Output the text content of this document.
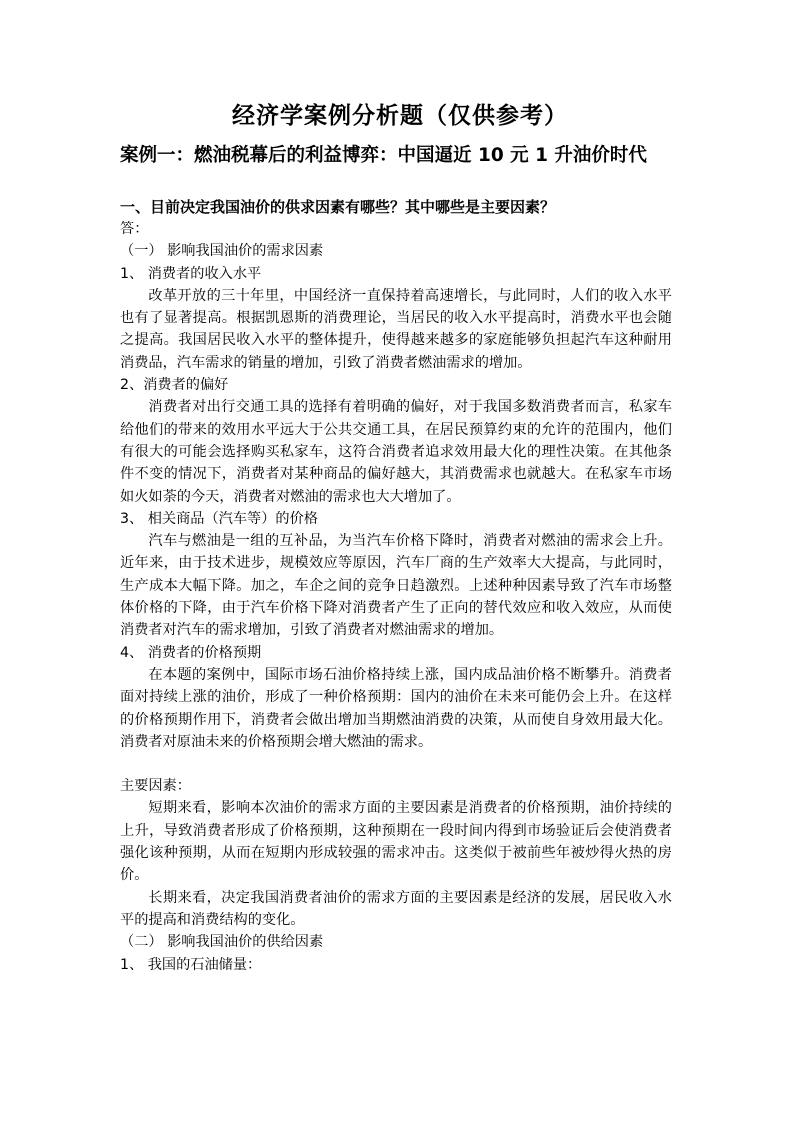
经济学案例分析题（仅供参考）
案例一：燃油税幕后的利益博弈：中国逼近 10 元 1 升油价时代
一、目前决定我国油价的供求因素有哪些？其中哪些是主要因素？

答：

（一） 影响我国油价的需求因素

1、 消费者的收入水平

改革开放的三十年里，中国经济一直保持着高速增长，与此同时，人们的收入水平也有了显著提高。根据凯恩斯的消费理论，当居民的收入水平提高时，消费水平也会随之提高。我国居民收入水平的整体提升，使得越来越多的家庭能够负担起汽车这种耐用消费品，汽车需求的销量的增加，引致了消费者燃油需求的增加。

2、消费者的偏好

消费者对出行交通工具的选择有着明确的偏好，对于我国多数消费者而言，私家车给他们的带来的效用水平远大于公共交通工具，在居民预算约束的允许的范围内，他们有很大的可能会选择购买私家车，这符合消费者追求效用最大化的理性决策。在其他条件不变的情况下，消费者对某种商品的偏好越大，其消费需求也就越大。在私家车市场如火如荼的今天，消费者对燃油的需求也大大增加了。

3、 相关商品（汽车等）的价格

汽车与燃油是一组的互补品，为当汽车价格下降时，消费者对燃油的需求会上升。近年来，由于技术进步，规模效应等原因，汽车厂商的生产效率大大提高，与此同时，生产成本大幅下降。加之，车企之间的竞争日趋激烈。上述种种因素导致了汽车市场整体价格的下降，由于汽车价格下降对消费者产生了正向的替代效应和收入效应，从而使消费者对汽车的需求增加，引致了消费者对燃油需求的增加。

4、 消费者的价格预期

在本题的案例中，国际市场石油价格持续上涨，国内成品油价格不断攀升。消费者面对持续上涨的油价，形成了一种价格预期：国内的油价在未来可能仍会上升。在这样的价格预期作用下，消费者会做出增加当期燃油消费的决策，从而使自身效用最大化。消费者对原油未来的价格预期会增大燃油的需求。

主要因素：

短期来看，影响本次油价的需求方面的主要因素是消费者的价格预期，油价持续的上升，导致消费者形成了价格预期，这种预期在一段时间内得到市场验证后会使消费者强化该种预期，从而在短期内形成较强的需求冲击。这类似于被前些年被炒得火热的房价。

长期来看，决定我国消费者油价的需求方面的主要因素是经济的发展，居民收入水平的提高和消费结构的变化。

（二） 影响我国油价的供给因素

1、 我国的石油储量：
